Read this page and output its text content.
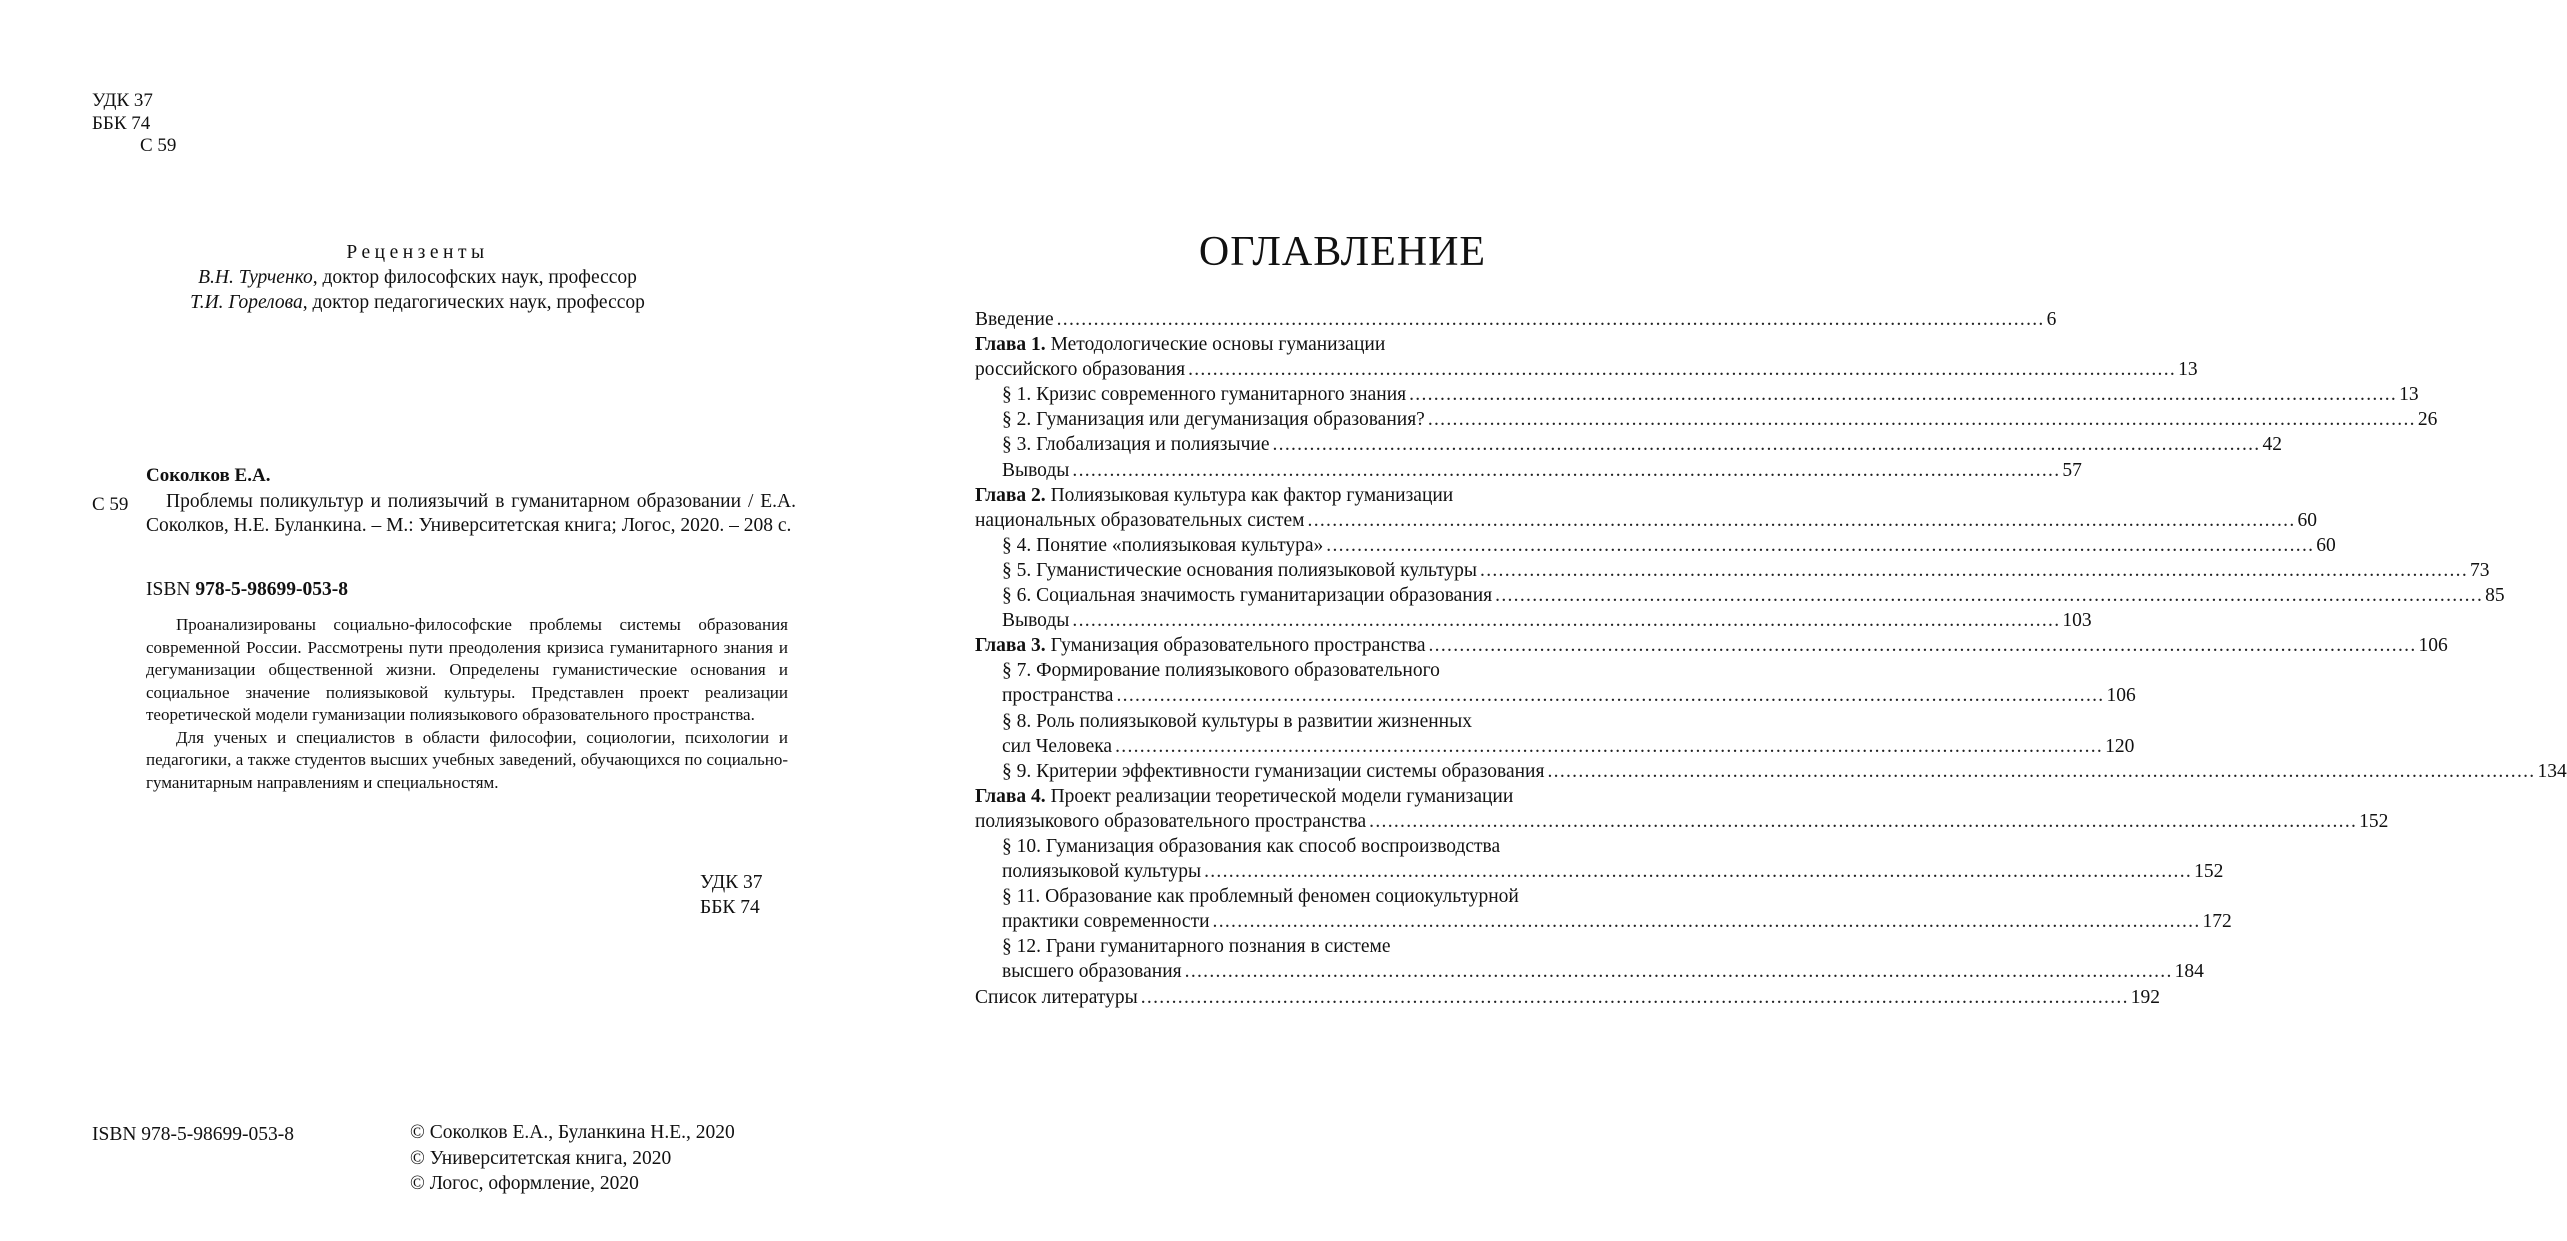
УДК 37
ББК 74
С 59
Рецензенты
В.Н. Турченко, доктор философских наук, профессор
Т.И. Горелова, доктор педагогических наук, профессор
Соколков Е.А.
С 59	Проблемы поликультур и полиязычий в гуманитарном образовании / Е.А. Соколков, Н.Е. Буланкина. – М.: Университетская книга; Логос, 2020. – 208 с.
ISBN 978-5-98699-053-8

Проанализированы социально-философские проблемы системы образования современной России. Рассмотрены пути преодоления кризиса гуманитарного знания и дегуманизации общественной жизни. Определены гуманистические основания и социальное значение полиязыковой культуры. Представлен проект реализации теоретической модели гуманизации полиязыкового образовательного пространства.

Для ученых и специалистов в области философии, социологии, психологии и педагогики, а также студентов высших учебных заведений, обучающихся по социально-гуманитарным направлениям и специальностям.

УДК 37
ББК 74
ISBN 978-5-98699-053-8	© Соколков Е.А., Буланкина Н.Е., 2020
© Университетская книга, 2020
© Логос, оформление, 2020
ОГЛАВЛЕНИЕ
Введение ................................................................................................................................................................ 6
Глава 1. Методологические основы гуманизации
российского образования ................................................................................................................................................................ 13
§ 1. Кризис современного гуманитарного знания ................................................................................................................................................................ 13
§ 2. Гуманизация или дегуманизация образования? ................................................................................................................................................................ 26
§ 3. Глобализация и полиязычие ................................................................................................................................................................ 42
Выводы ................................................................................................................................................................ 57
Глава 2. Полиязыковая культура как фактор гуманизации
национальных образовательных систем ................................................................................................................................................................ 60
§ 4. Понятие «полиязыковая культура» ................................................................................................................................................................ 60
§ 5. Гуманистические основания полиязыковой культуры ................................................................................................................................................................ 73
§ 6. Социальная значимость гуманитаризации образования ................................................................................................................................................................ 85
Выводы ................................................................................................................................................................ 103
Глава 3. Гуманизация образовательного пространства ................................................................................................................................................................ 106
§ 7. Формирование полиязыкового образовательного
пространства ................................................................................................................................................................ 106
§ 8. Роль полиязыковой культуры в развитии жизненных
сил Человека ................................................................................................................................................................ 120
§ 9. Критерии эффективности гуманизации системы образования ................................................................................................................................................................ 134
Глава 4. Проект реализации теоретической модели гуманизации
полиязыкового образовательного пространства ................................................................................................................................................................ 152
§ 10. Гуманизация образования как способ воспроизводства
полиязыковой культуры ................................................................................................................................................................ 152
§ 11. Образование как проблемный феномен социокультурной
практики современности ................................................................................................................................................................ 172
§ 12. Грани гуманитарного познания в системе
высшего образования ................................................................................................................................................................ 184
Список литературы ................................................................................................................................................................ 192
